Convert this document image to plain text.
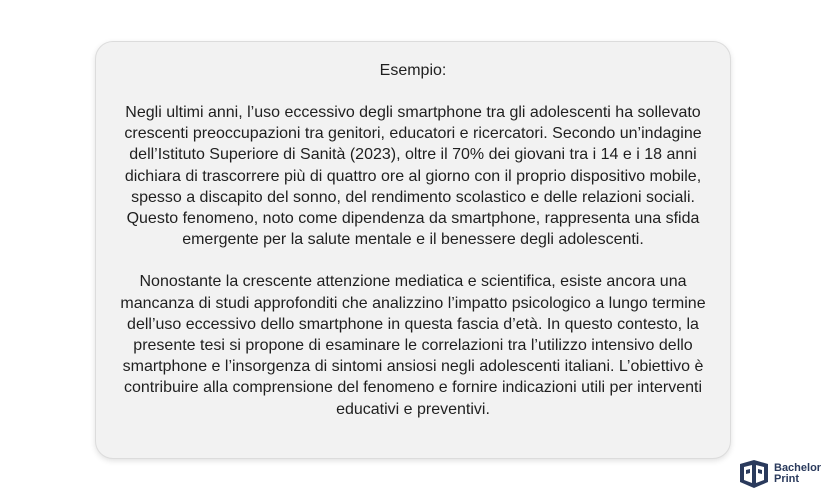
Esempio:

Negli ultimi anni, l’uso eccessivo degli smartphone tra gli adolescenti ha sollevato crescenti preoccupazioni tra genitori, educatori e ricercatori. Secondo un’indagine dell’Istituto Superiore di Sanità (2023), oltre il 70% dei giovani tra i 14 e i 18 anni dichiara di trascorrere più di quattro ore al giorno con il proprio dispositivo mobile, spesso a discapito del sonno, del rendimento scolastico e delle relazioni sociali. Questo fenomeno, noto come dipendenza da smartphone, rappresenta una sfida emergente per la salute mentale e il benessere degli adolescenti.

Nonostante la crescente attenzione mediatica e scientifica, esiste ancora una mancanza di studi approfonditi che analizzino l’impatto psicologico a lungo termine dell’uso eccessivo dello smartphone in questa fascia d’età. In questo contesto, la presente tesi si propone di esaminare le correlazioni tra l’utilizzo intensivo dello smartphone e l’insorgenza di sintomi ansiosi negli adolescenti italiani. L’obiettivo è contribuire alla comprensione del fenomeno e fornire indicazioni utili per interventi educativi e preventivi.

Bachelor
Print
